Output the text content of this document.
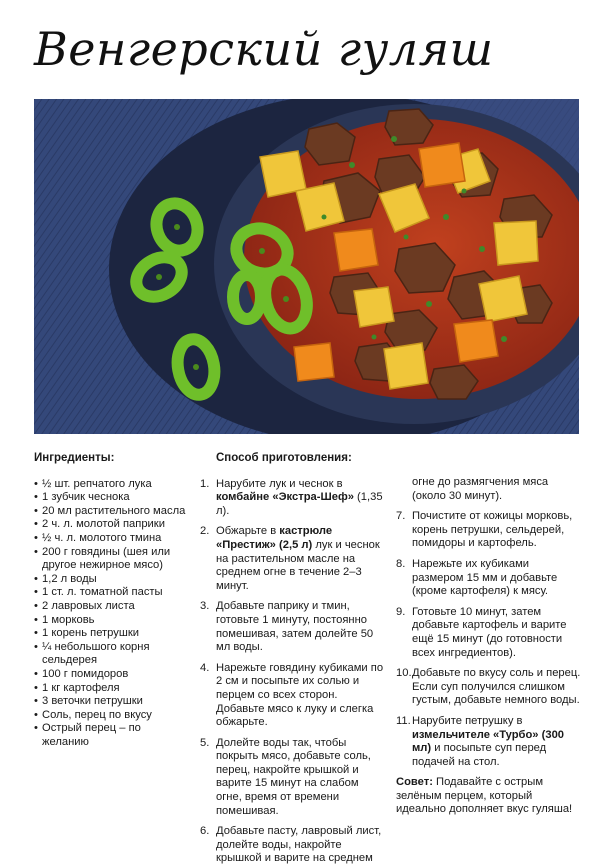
Венгерский гуляш
Ингредиенты:
• ½ шт. репчатого лука
• 1 зубчик чеснока
• 20 мл растительного масла
• 2 ч. л. молотой паприки
• ½ ч. л. молотого тмина
• 200 г говядины (шея или другое нежирное мясо)
• 1,2 л воды
• 1 ст. л. томатной пасты
• 2 лавровых листа
• 1 морковь
• 1 корень петрушки
• ¼ небольшого корня сельдерея
• 100 г помидоров
• 1 кг картофеля
• 3 веточки петрушки
• Соль, перец по вкусу
• Острый перец – по желанию
Способ приготовления:
1. Нарубите лук и чеснок в комбайне «Экстра-Шеф» (1,35 л).
2. Обжарьте в кастрюле «Престиж» (2,5 л) лук и чеснок на растительном масле на среднем огне в течение 2–3 минут.
3. Добавьте паприку и тмин, готовьте 1 минуту, постоянно помешивая, затем долейте 50 мл воды.
4. Нарежьте говядину кубиками по 2 см и посыпьте их солью и перцем со всех сторон. Добавьте мясо к луку и слегка обжарьте.
5. Долейте воды так, чтобы покрыть мясо, добавьте соль, перец, накройте крышкой и варите 15 минут на слабом огне, время от времени помешивая.
6. Добавьте пасту, лавровый лист, долейте воды, накройте крышкой и варите на среднем
огне до размягчения мяса (около 30 минут).
7. Почистите от кожицы морковь, корень петрушки, сельдерей, помидоры и картофель.
8. Нарежьте их кубиками размером 15 мм и добавьте (кроме картофеля) к мясу.
9. Готовьте 10 минут, затем добавьте картофель и варите ещё 15 минут (до готовности всех ингредиентов).
10. Добавьте по вкусу соль и перец. Если суп получился слишком густым, добавьте немного воды.
11. Нарубите петрушку в измельчителе «Турбо» (300 мл) и посыпьте суп перед подачей на стол.
Совет: Подавайте с острым зелёным перцем, который идеально дополняет вкус гуляша!
